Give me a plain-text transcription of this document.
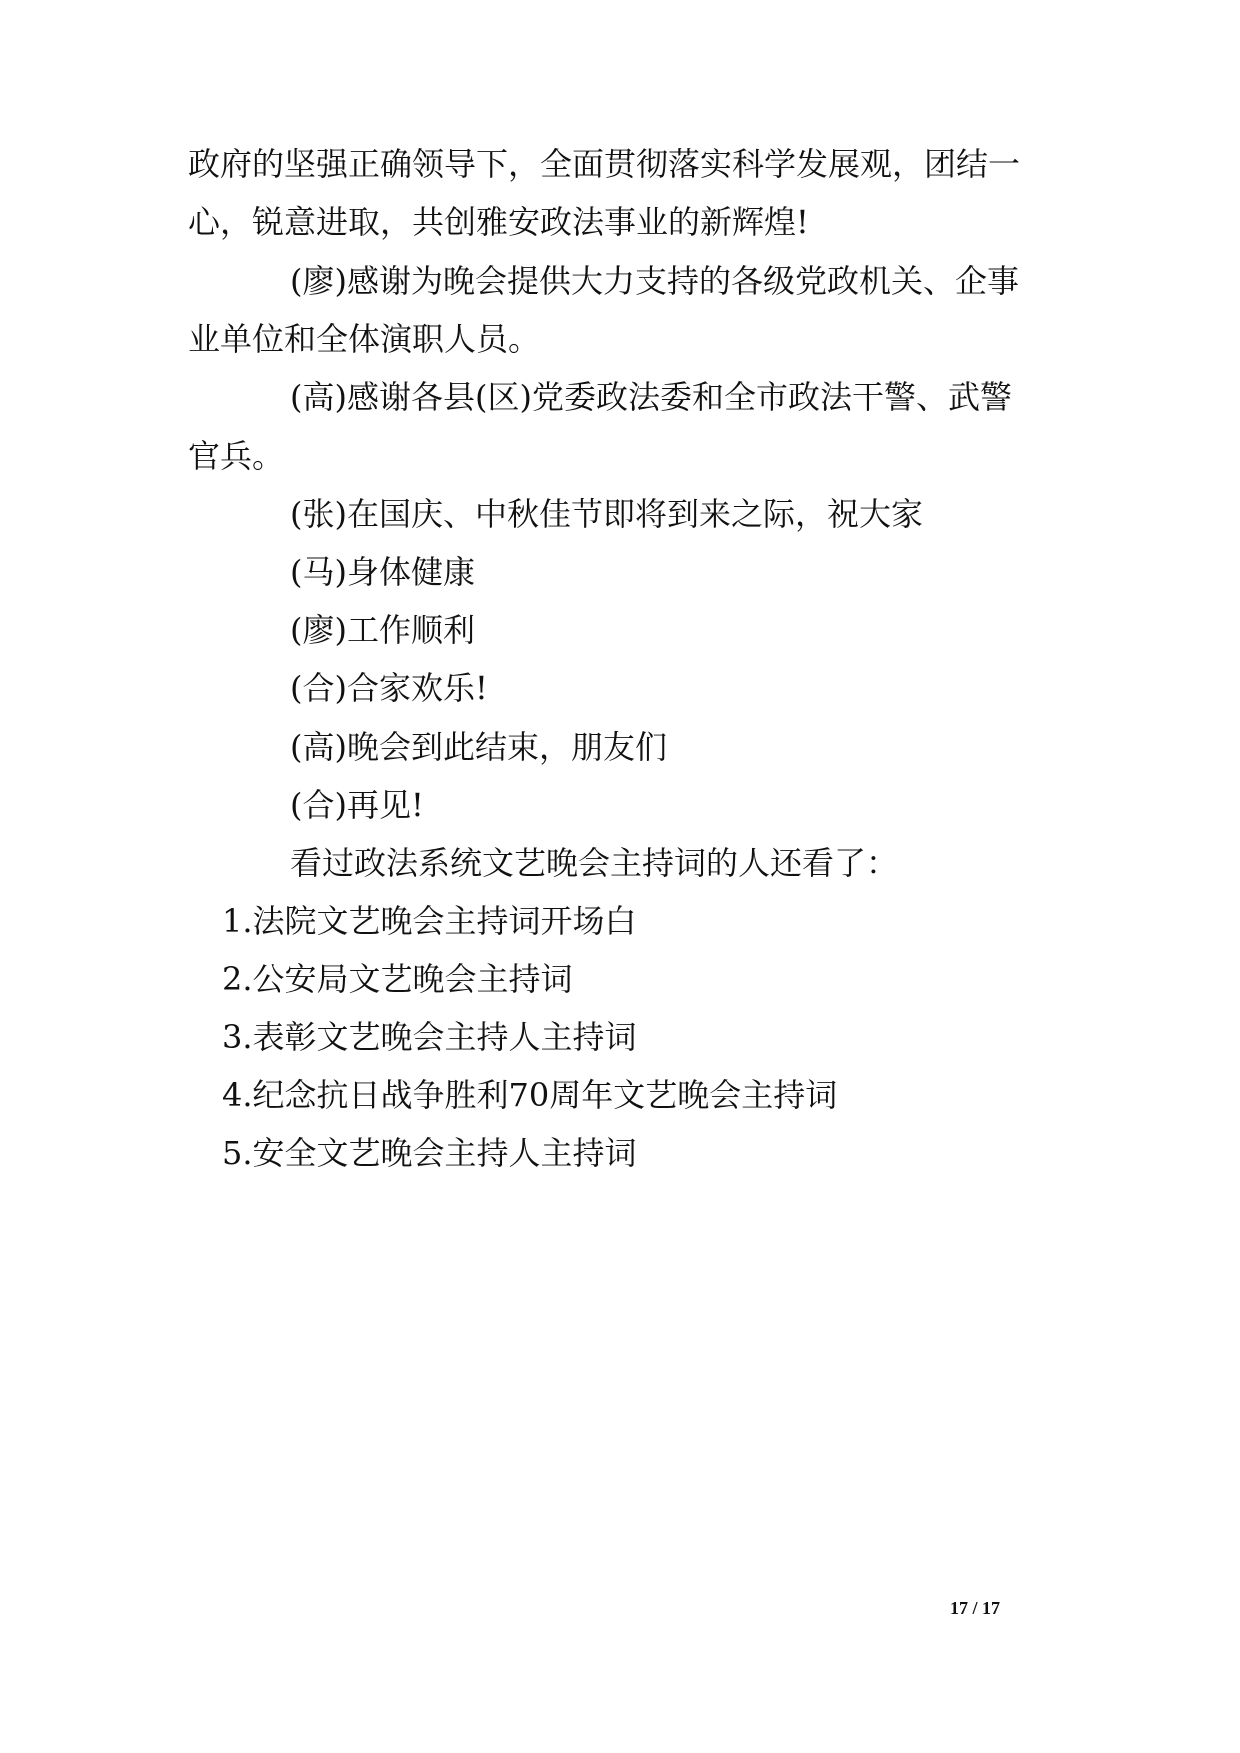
政府的坚强正确领导下，全面贯彻落实科学发展观，团结一
心，锐意进取，共创雅安政法事业的新辉煌!
(廖)感谢为晚会提供大力支持的各级党政机关、企事
业单位和全体演职人员。
(高)感谢各县(区)党委政法委和全市政法干警、武警
官兵。
(张)在国庆、中秋佳节即将到来之际，祝大家
(马)身体健康
(廖)工作顺利
(合)合家欢乐!
(高)晚会到此结束，朋友们
(合)再见!
看过政法系统文艺晚会主持词的人还看了：
1.法院文艺晚会主持词开场白
2.公安局文艺晚会主持词
3.表彰文艺晚会主持人主持词
4.纪念抗日战争胜利70周年文艺晚会主持词
5.安全文艺晚会主持人主持词
17 / 17
